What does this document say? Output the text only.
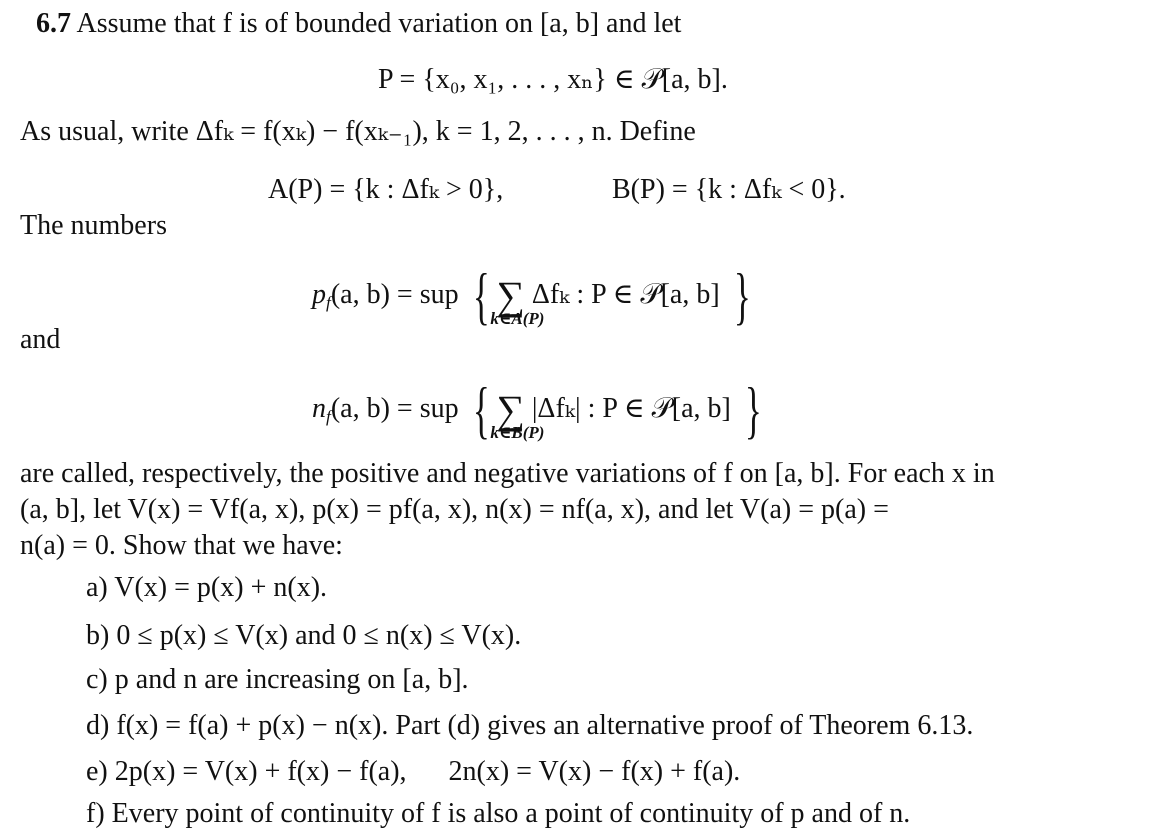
6.7 Assume that f is of bounded variation on [a, b] and let
P = {x₀, x₁, . . . , xₙ} ∈ 𝒫[a, b].
As usual, write Δfₖ = f(xₖ) − f(xₖ₋₁), k = 1, 2, . . . , n. Define
A(P) = {k : Δfₖ > 0},	B(P) = {k : Δfₖ < 0}.
The numbers
$p_f(a$, b) = sup { ∑
k∈A(P)
Δfₖ : P ∈ 𝒫[a, b] }
and
$n_f(a$, b) = sup { ∑
k∈B(P)
|Δfₖ| : P ∈ 𝒫[a, b] }
are called, respectively, the positive and negative variations of f on [a, b]. For each x in
(a, b], let V(x) = Vf(a, x), p(x) = pf(a, x), n(x) = nf(a, x), and let V(a) = p(a) =
n(a) = 0. Show that we have:
a) V(x) = p(x) + n(x).
b) 0 ≤ p(x) ≤ V(x) and 0 ≤ n(x) ≤ V(x).
c) p and n are increasing on [a, b].
d) f(x) = f(a) + p(x) − n(x). Part (d) gives an alternative proof of Theorem 6.13.
e) 2p(x) = V(x) + f(x) − f(a),      2n(x) = V(x) − f(x) + f(a).
f) Every point of continuity of f is also a point of continuity of p and of n.
